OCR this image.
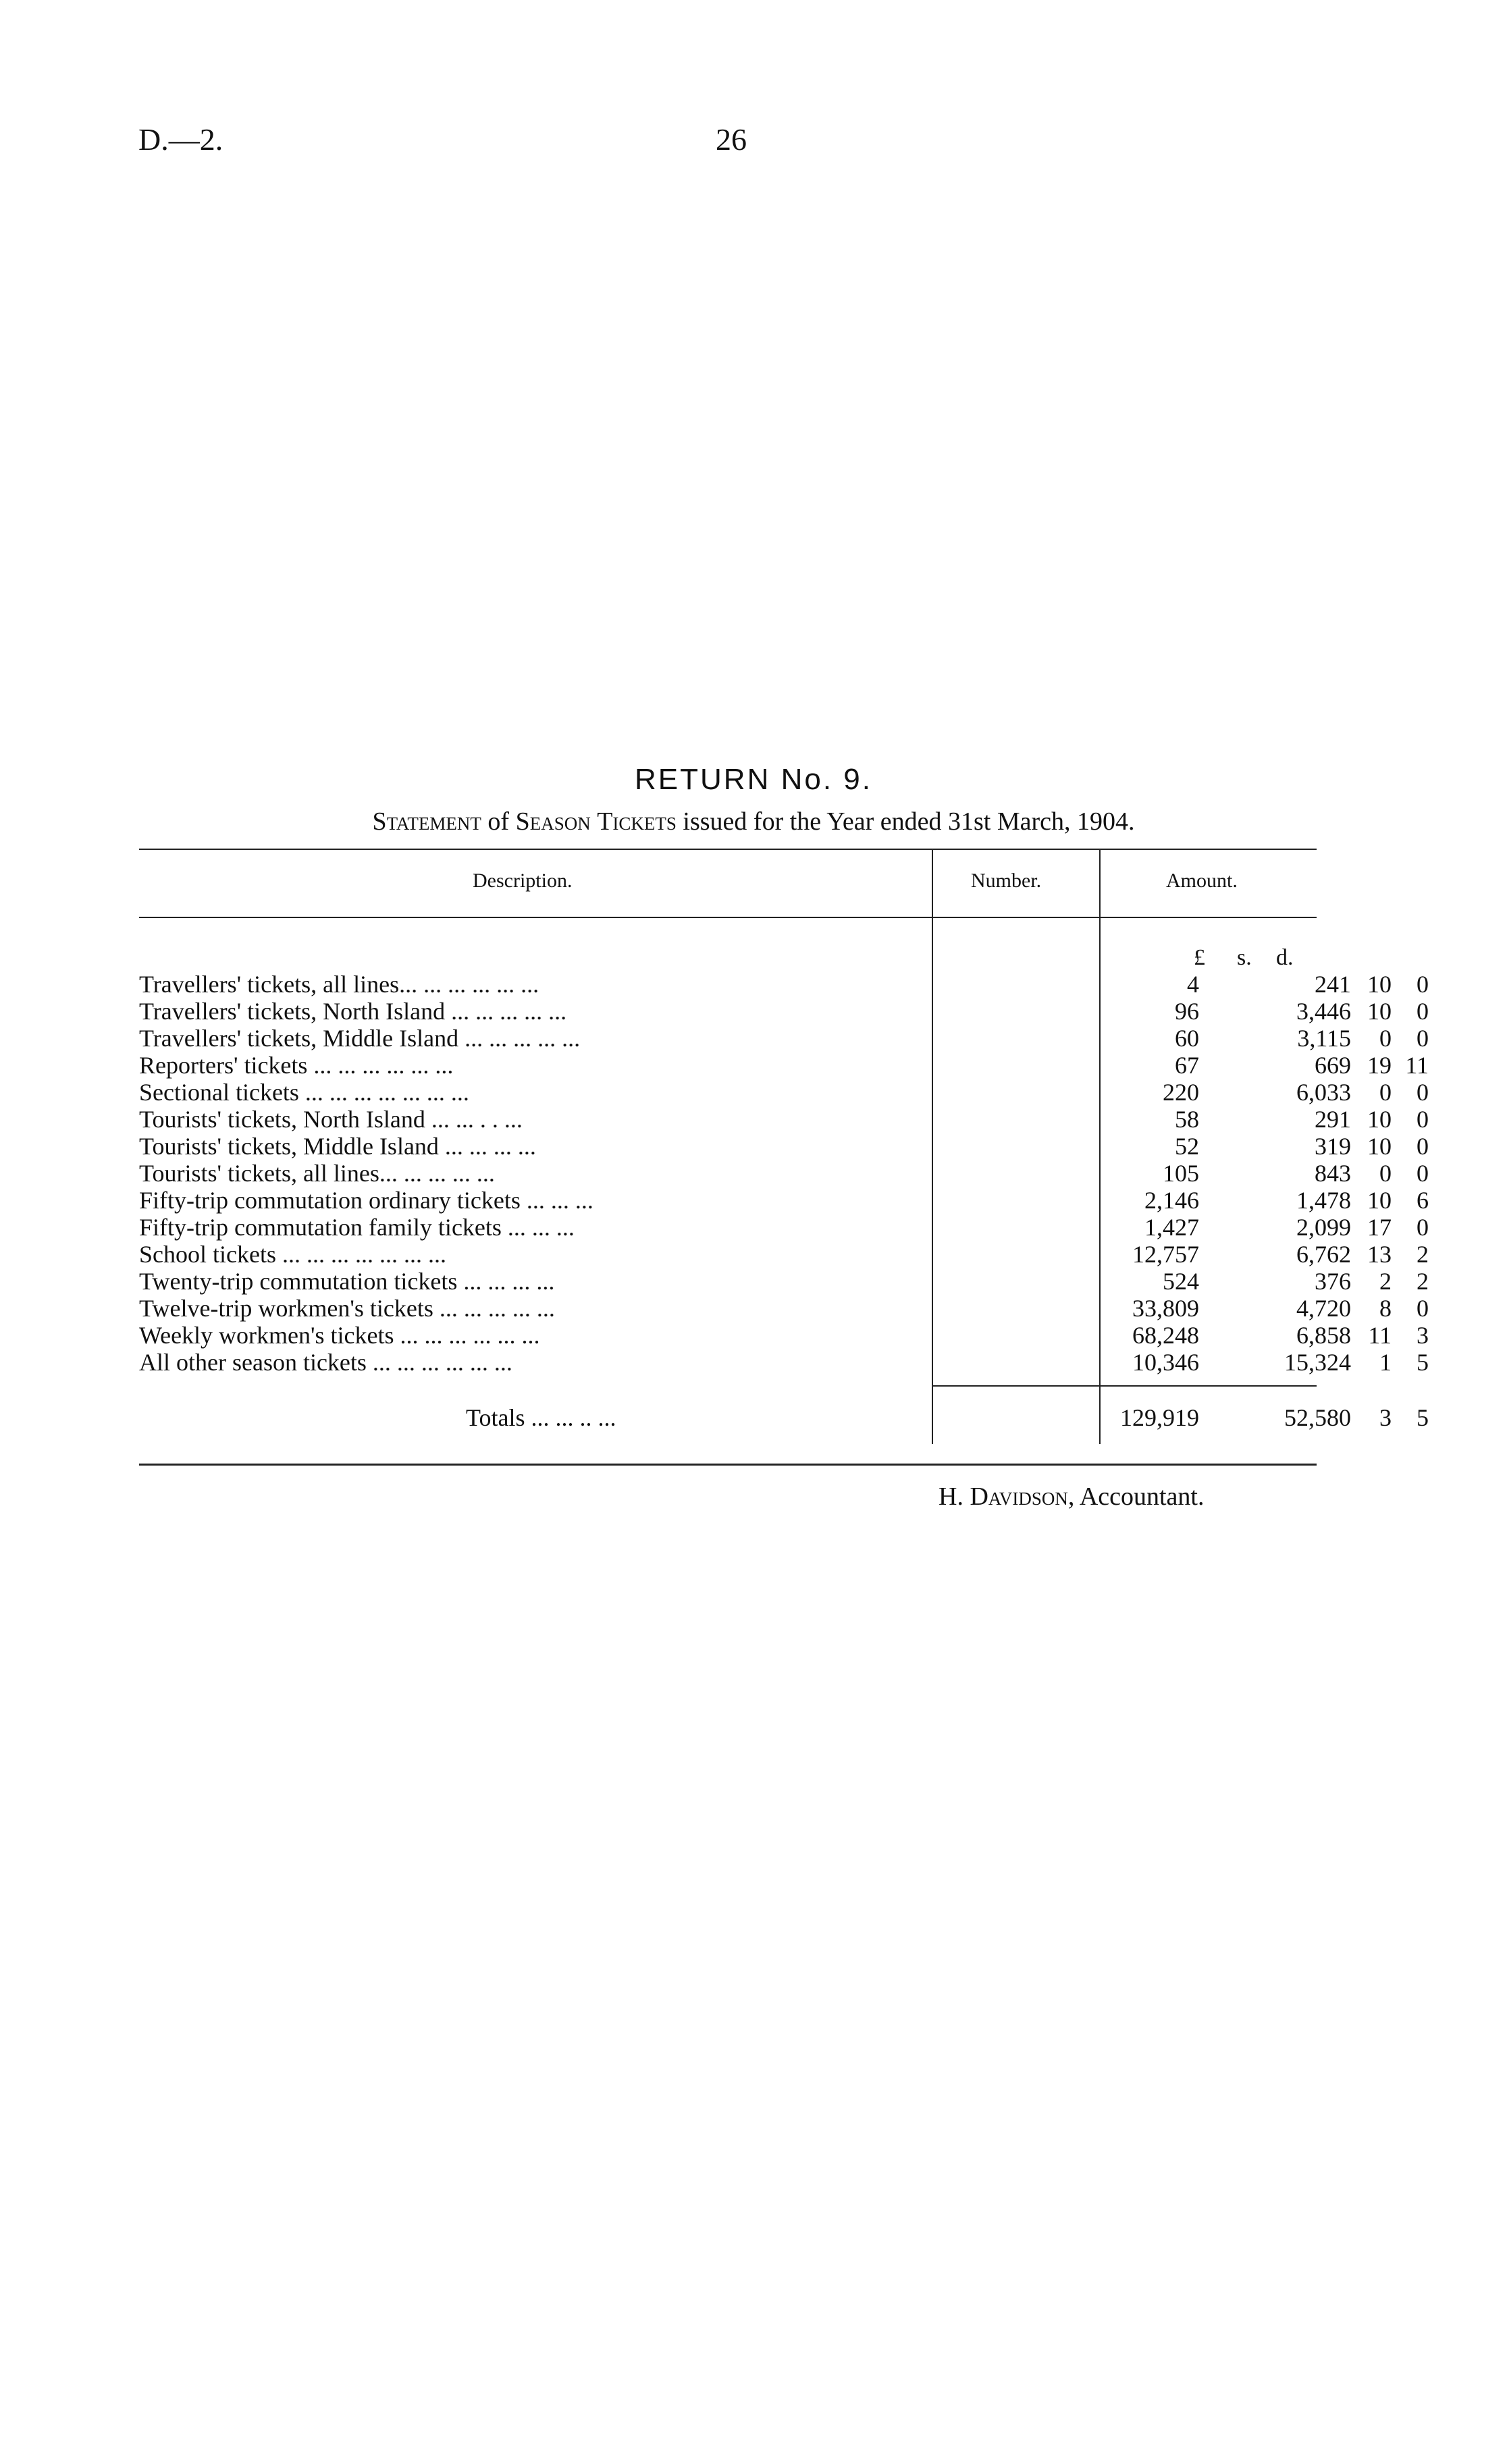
D.—2.	26
RETURN No. 9.
Statement of Season Tickets issued for the Year ended 31st March, 1904.
Description.	Number.	Amount.
£ s. d.
Travellers' tickets, all lines... ... ... ... ... ...	4	241 10	0
Travellers' tickets, North Island ... ... ... ... ...	96	3,446 10	0
Travellers' tickets, Middle Island ... ... ... ... ...	60	3,115	0	0
Reporters' tickets ... ... ... ... ... ...	67	669 19 11
Sectional tickets ... ... ... ... ... ... ...	220	6,033	0	0
Tourists' tickets, North Island ... ... . . ...	58	291 10	0
Tourists' tickets, Middle Island ... ... ... ...	52	319 10	0
Tourists' tickets, all lines... ... ... ... ...	105	843	0	0
Fifty-trip commutation ordinary tickets ... ... ...	2,146	1,478 10	6
Fifty-trip commutation family tickets ... ... ...	1,427	2,099 17	0
School tickets ... ... ... ... ... ... ...	12,757	6,762 13	2
Twenty-trip commutation tickets ... ... ... ...	524	376	2	2
Twelve-trip workmen's tickets ... ... ... ... ...	33,809	4,720	8	0
Weekly workmen's tickets ... ... ... ... ... ...	68,248	6,858 11	3
All other season tickets ... ... ... ... ... ...	10,346	15,324	1	5
Totals ... ... .. ...	129,919	52,580	3	5
H. Davidson, Accountant.
